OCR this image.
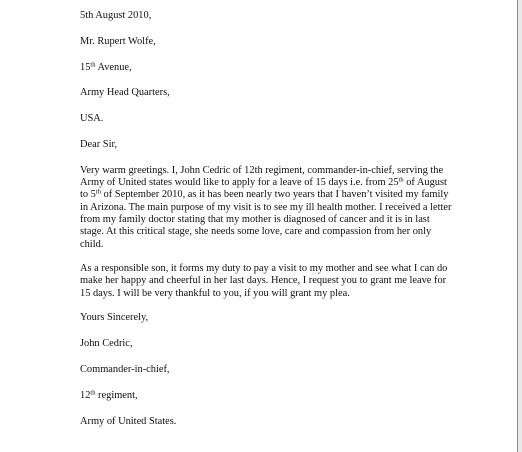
5th August 2010,

Mr. Rupert Wolfe,

15th Avenue,

Army Head Quarters,

USA.

Dear Sir,

Very warm greetings. I, John Cedric of 12th regiment, commander-in-chief, serving the
Army of United states would like to apply for a leave of 15 days i.e. from 25th of August
to 5th of September 2010, as it has been nearly two years that I haven’t visited my family
in Arizona. The main purpose of my visit is to see my ill health mother. I received a letter
from my family doctor stating that my mother is diagnosed of cancer and it is in last
stage. At this critical stage, she needs some love, care and compassion from her only
child.
As a responsible son, it forms my duty to pay a visit to my mother and see what I can do
make her happy and cheerful in her last days. Hence, I request you to grant me leave for
15 days. I will be very thankful to you, if you will grant my plea.

Yours Sincerely,

John Cedric,

Commander-in-chief,

12th regiment,

Army of United States.
